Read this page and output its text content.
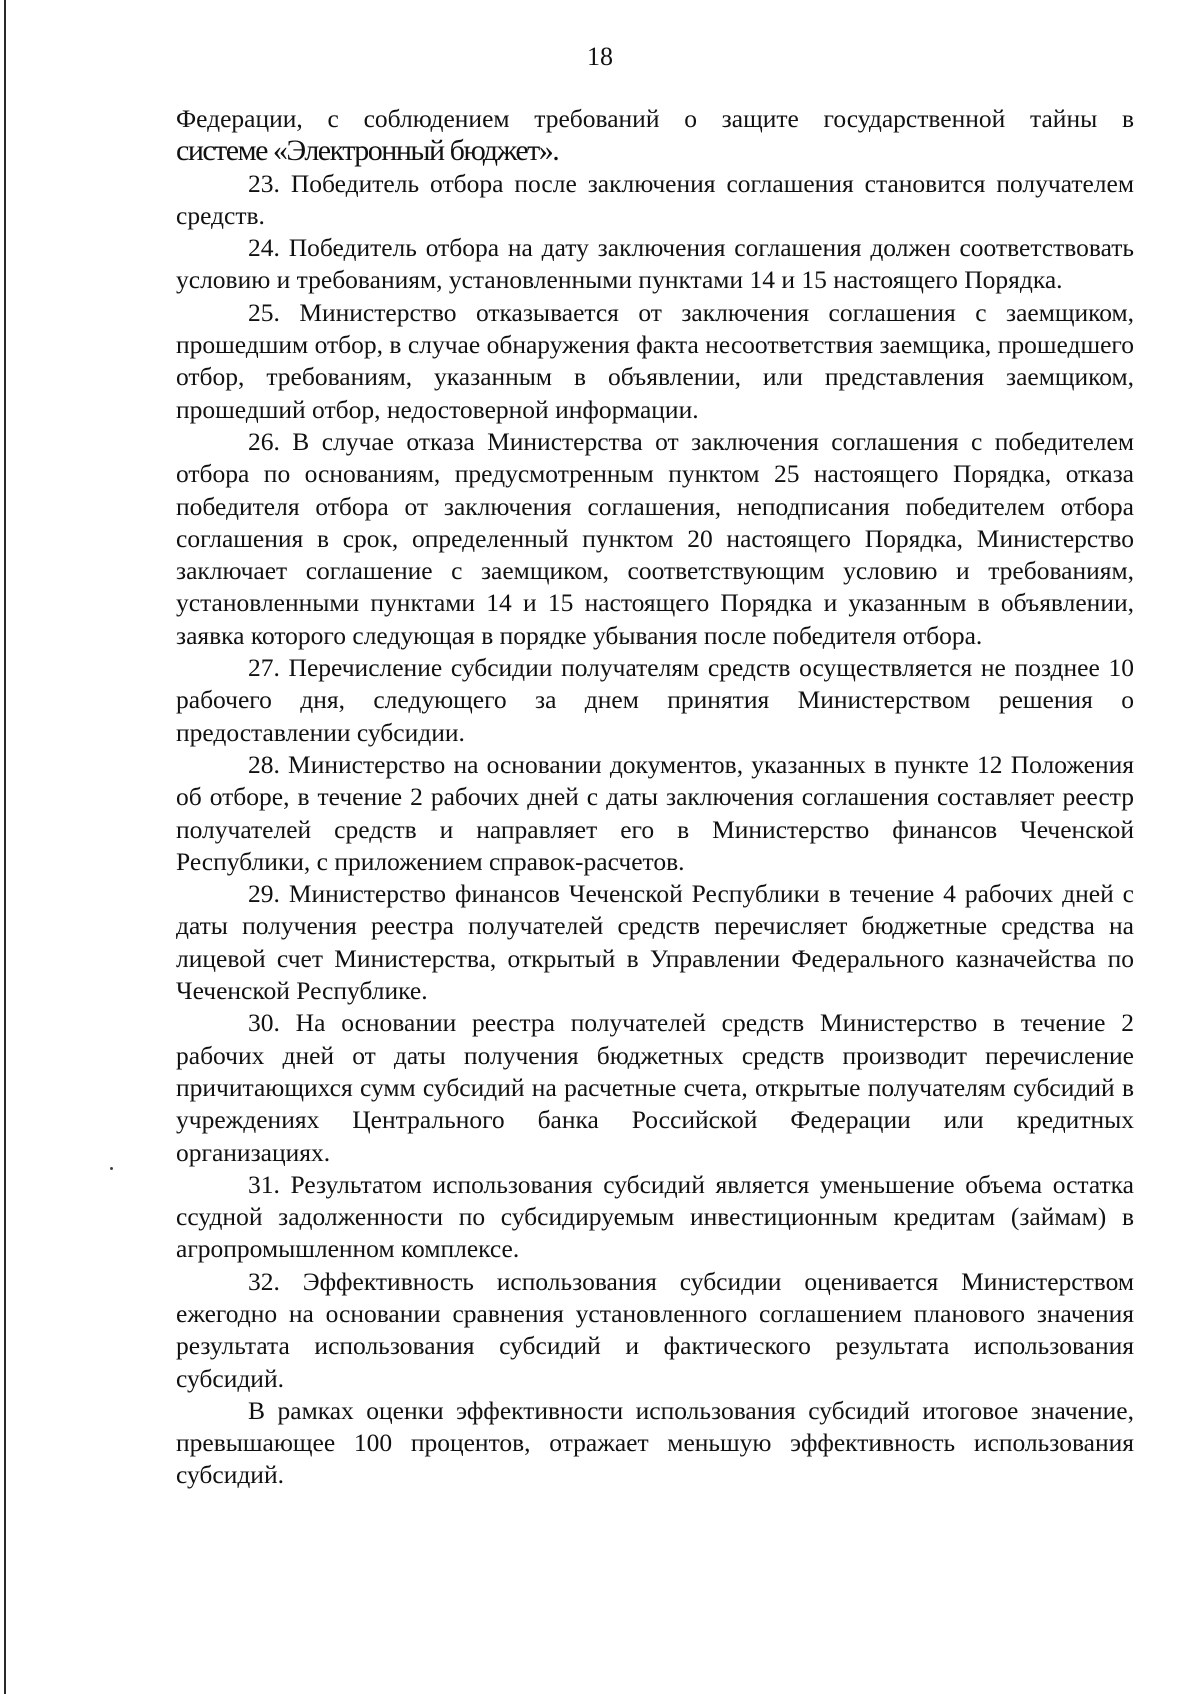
18

Федерации, с соблюдением требований о защите государственной тайны в

системе «Электронный бюджет».

23. Победитель отбора после заключения соглашения становится получателем средств.

24. Победитель отбора на дату заключения соглашения должен соответствовать условию и требованиям, установленными пунктами 14 и 15 настоящего Порядка.

25. Министерство отказывается от заключения соглашения с заемщиком, прошедшим отбор, в случае обнаружения факта несоответствия заемщика, прошедшего отбор, требованиям, указанным в объявлении, или представления заемщиком, прошедший отбор, недостоверной информации.

26. В случае отказа Министерства от заключения соглашения с победителем отбора по основаниям, предусмотренным пунктом 25 настоящего Порядка, отказа победителя отбора от заключения соглашения, неподписания победителем отбора соглашения в срок, определенный пунктом 20 настоящего Порядка, Министерство заключает соглашение с заемщиком, соответствующим условию и требованиям, установленными пунктами 14 и 15 настоящего Порядка и указанным в объявлении, заявка которого следующая в порядке убывания после победителя отбора.

27. Перечисление субсидии получателям средств осуществляется не позднее 10 рабочего дня, следующего за днем принятия Министерством решения о предоставлении субсидии.

28. Министерство на основании документов, указанных в пункте 12 Положения об отборе, в течение 2 рабочих дней с даты заключения соглашения составляет реестр получателей средств и направляет его в Министерство финансов Чеченской Республики, с приложением справок-расчетов.

29. Министерство финансов Чеченской Республики в течение 4 рабочих дней с даты получения реестра получателей средств перечисляет бюджетные средства на лицевой счет Министерства, открытый в Управлении Федерального казначейства по Чеченской Республике.

30. На основании реестра получателей средств Министерство в течение 2 рабочих дней от даты получения бюджетных средств производит перечисление причитающихся сумм субсидий на расчетные счета, открытые получателям субсидий в учреждениях Центрального банка Российской Федерации или кредитных организациях.

31. Результатом использования субсидий является уменьшение объема остатка ссудной задолженности по субсидируемым инвестиционным кредитам (займам) в агропромышленном комплексе.

32. Эффективность использования субсидии оценивается Министерством ежегодно на основании сравнения установленного соглашением планового значения результата использования субсидий и фактического результата использования субсидий.

В рамках оценки эффективности использования субсидий итоговое значение, превышающее 100 процентов, отражает меньшую эффективность использования субсидий.
